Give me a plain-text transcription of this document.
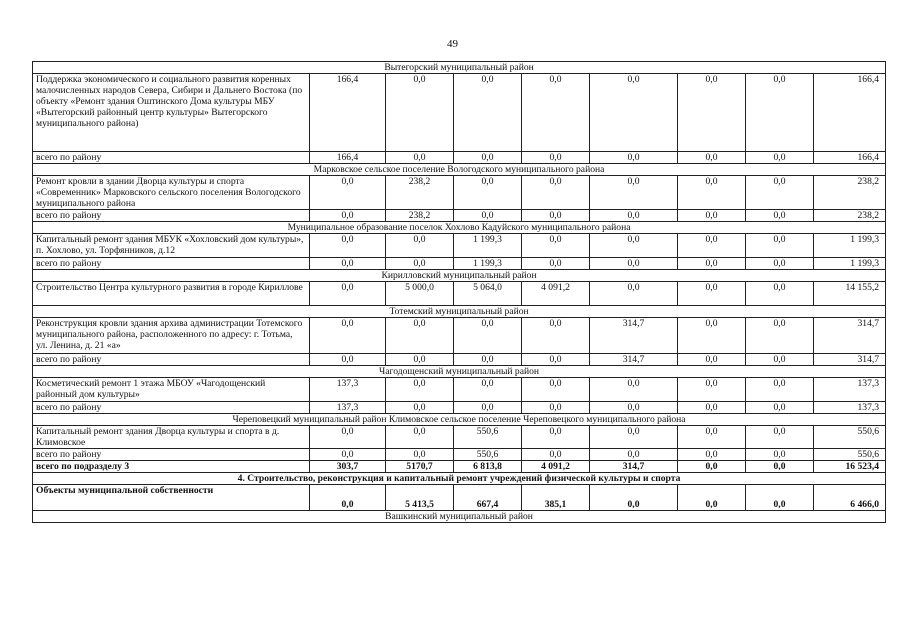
49
Вытегорский муниципальный район								
Поддержка экономического и социального развития коренных малочисленных народов Севера, Сибири и Дальнего Востока (по объекту «Ремонт здания Оштинского Дома культуры МБУ «Вытегорский районный центр культуры» Вытегорского муниципального района)	166,4	0,0	0,0	0,0	0,0	0,0	0,0	166,4
всего по району	166,4	0,0	0,0	0,0	0,0	0,0	0,0	166,4
Марковское сельское поселение Вологодского муниципального района								
Ремонт кровли в здании Дворца культуры и спорта «Современник» Марковского сельского поселения Вологодского муниципального района	0,0	238,2	0,0	0,0	0,0	0,0	0,0	238,2
всего по району	0,0	238,2	0,0	0,0	0,0	0,0	0,0	238,2
Муниципальное образование поселок Хохлово Кадуйского муниципального района								
Капитальный ремонт здания МБУК «Хохловский дом культуры», п. Хохлово, ул. Торфянников, д.12	0,0	0,0	1 199,3	0,0	0,0	0,0	0,0	1 199,3
всего по району	0,0	0,0	1 199,3	0,0	0,0	0,0	0,0	1 199,3
Кирилловский муниципальный район								
Строительство Центра культурного развития в городе Кириллове	0,0	5 000,0	5 064,0	4 091,2	0,0	0,0	0,0	14 155,2
Тотемский муниципальный район								
Реконструкция кровли здания архива администрации Тотемского муниципального района, расположенного по адресу: г. Тотьма, ул. Ленина, д. 21 «а»	0,0	0,0	0,0	0,0	314,7	0,0	0,0	314,7
всего по району	0,0	0,0	0,0	0,0	314,7	0,0	0,0	314,7
Чагодощенский муниципальный район								
Косметический ремонт 1 этажа МБОУ «Чагодощенский районный дом культуры»	137,3	0,0	0,0	0,0	0,0	0,0	0,0	137,3
всего по району	137,3	0,0	0,0	0,0	0,0	0,0	0,0	137,3
Череповецкий муниципальный район Климовское сельское поселение Череповецкого муниципального района								
Капитальный ремонт здания Дворца культуры и спорта в д. Климовское	0,0	0,0	550,6	0,0	0,0	0,0	0,0	550,6
всего по району	0,0	0,0	550,6	0,0	0,0	0,0	0,0	550,6
всего по подразделу 3	303,7	5170,7	6 813,8	4 091,2	314,7	0,0	0,0	16 523,4
4. Строительство, реконструкция и капитальный ремонт учреждений физической культуры и спорта								
Объекты муниципальной собственности	0,0	5 413,5	667,4	385,1	0,0	0,0	0,0	6 466,0
Вашкинский муниципальный район								
